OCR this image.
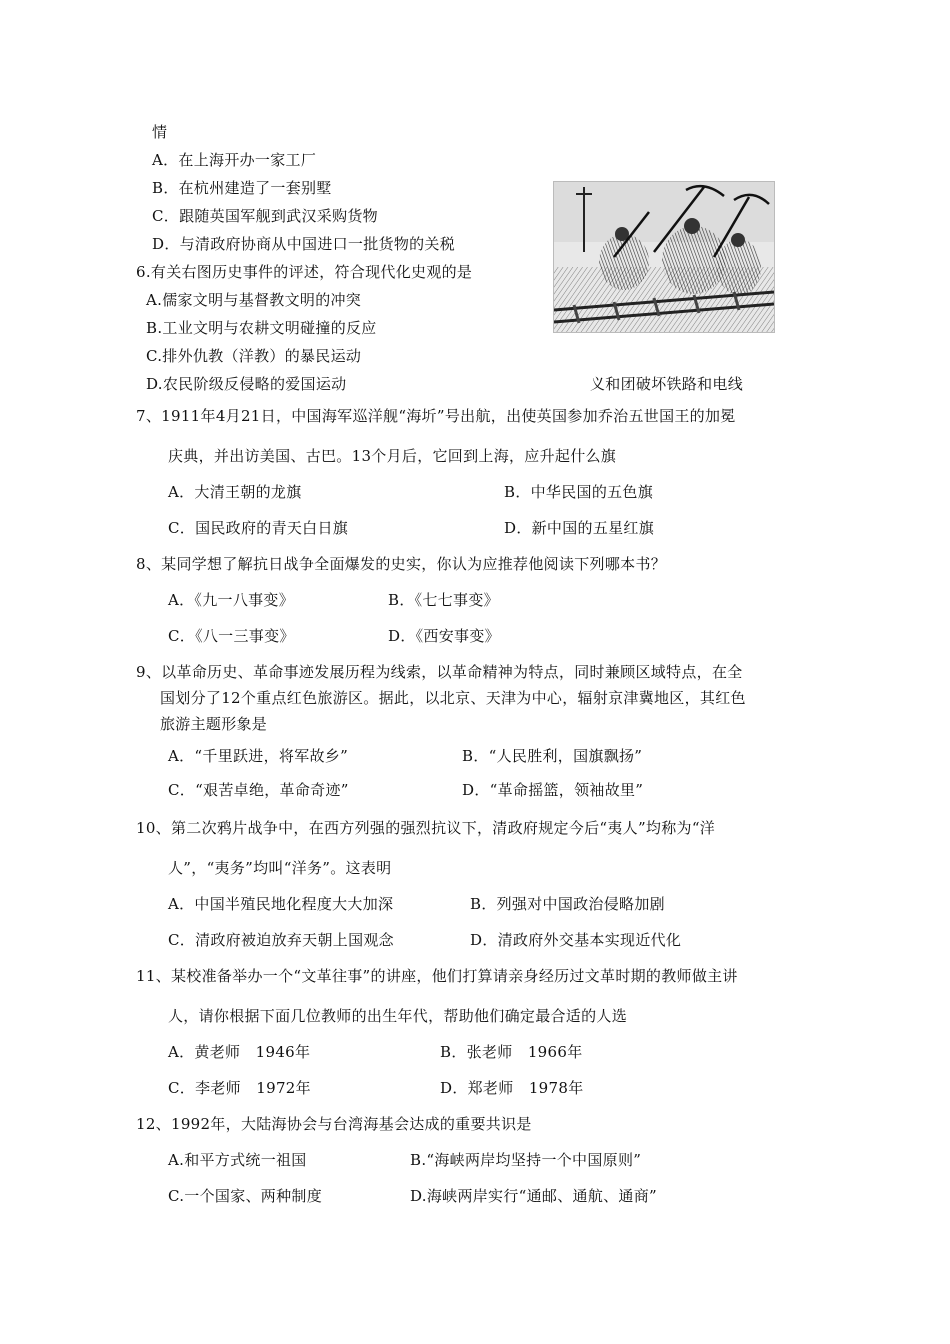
情
A．在上海开办一家工厂
B．在杭州建造了一套别墅
C．跟随英国军舰到武汉采购货物
D．与清政府协商从中国进口一批货物的关税
6.有关右图历史事件的评述，符合现代化史观的是
A.儒家文明与基督教文明的冲突
B.工业文明与农耕文明碰撞的反应
C.排外仇教（洋教）的暴民运动
D.农民阶级反侵略的爱国运动	义和团破坏铁路和电线
7、1911年4月21日，中国海军巡洋舰“海圻”号出航，出使英国参加乔治五世国王的加冕
庆典，并出访美国、古巴。13个月后，它回到上海，应升起什么旗
A．大清王朝的龙旗	B．中华民国的五色旗
C．国民政府的青天白日旗	D．新中国的五星红旗
8、某同学想了解抗日战争全面爆发的史实，你认为应推荐他阅读下列哪本书？
A．《九一八事变》	B．《七七事变》
C．《八一三事变》	D．《西安事变》
9、以革命历史、革命事迹发展历程为线索，以革命精神为特点，同时兼顾区域特点，在全
国划分了12个重点红色旅游区。据此，以北京、天津为中心，辐射京津冀地区，其红色
旅游主题形象是
A．“千里跃进，将军故乡”	B．“人民胜利，国旗飘扬”
C．“艰苦卓绝，革命奇迹”	D．“革命摇篮，领袖故里”
10、第二次鸦片战争中，在西方列强的强烈抗议下，清政府规定今后“夷人”均称为“洋
人”，“夷务”均叫“洋务”。这表明
A．中国半殖民地化程度大大加深	B．列强对中国政治侵略加剧
C．清政府被迫放弃天朝上国观念	D．清政府外交基本实现近代化
11、某校准备举办一个“文革往事”的讲座，他们打算请亲身经历过文革时期的教师做主讲
人，请你根据下面几位教师的出生年代，帮助他们确定最合适的人选
A．黄老师　1946年	B．张老师　1966年
C．李老师　1972年	D．郑老师　1978年
12、1992年，大陆海协会与台湾海基会达成的重要共识是
A.和平方式统一祖国	B.“海峡两岸均坚持一个中国原则”
C.一个国家、两种制度	D.海峡两岸实行“通邮、通航、通商”
